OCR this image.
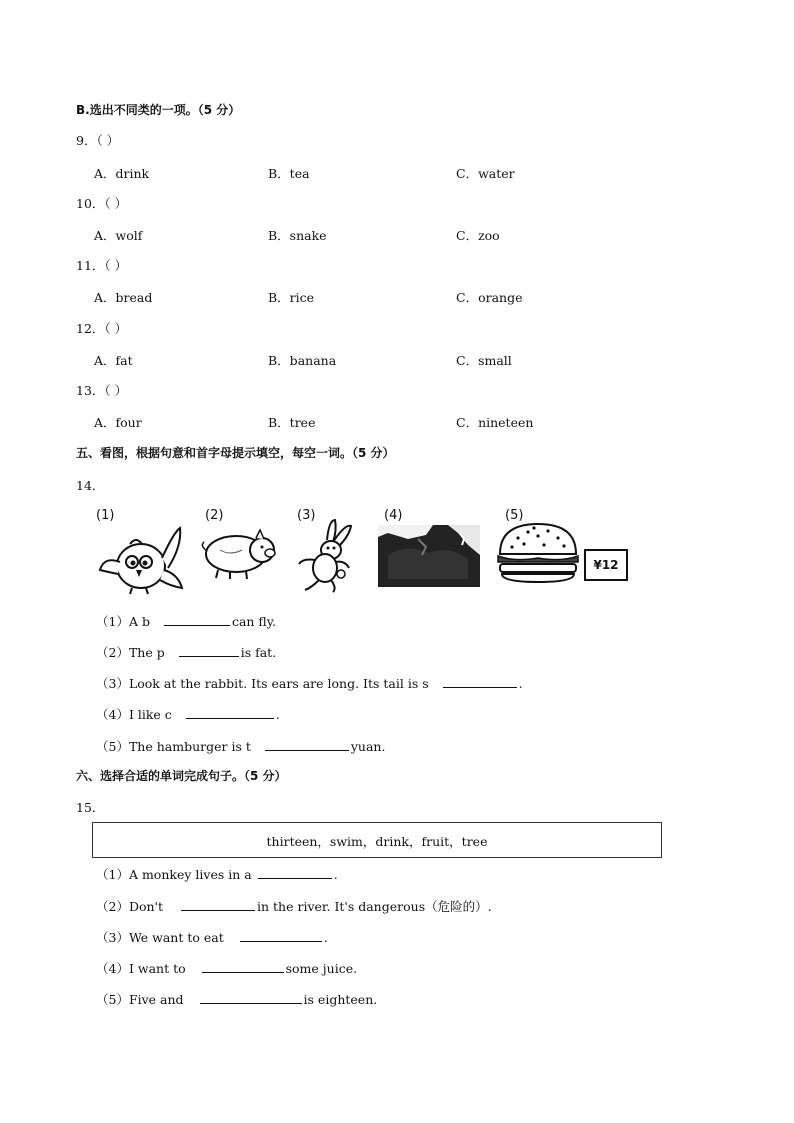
B.选出不同类的一项。（5 分）
9．（ ）
A．drink	B．tea	C．water
10．（ ）
A．wolf	B．snake	C．zoo
11．（ ）
A．bread	B．rice	C．orange
12．（ ）
A．fat	B．banana	C．small
13．（ ）
A．four	B．tree	C．nineteen
五、看图，根据句意和首字母提示填空，每空一词。（5 分）
14．
(1)	(2)	(3)	(4)	(5)
¥12
（1）A b	can fly.
（2）The p	is fat.
（3）Look at the rabbit. Its ears are long. Its tail is s	.
（4）I like c	.
（5）The hamburger is t	yuan.
六、选择合适的单词完成句子。（5 分）
15．
thirteen，swim，drink，fruit，tree
（1）A monkey lives in a	.
（2）Don't	in the river. It's dangerous（危险的）.
（3）We want to eat	.
（4）I want to	some juice.
（5）Five and	is eighteen.
